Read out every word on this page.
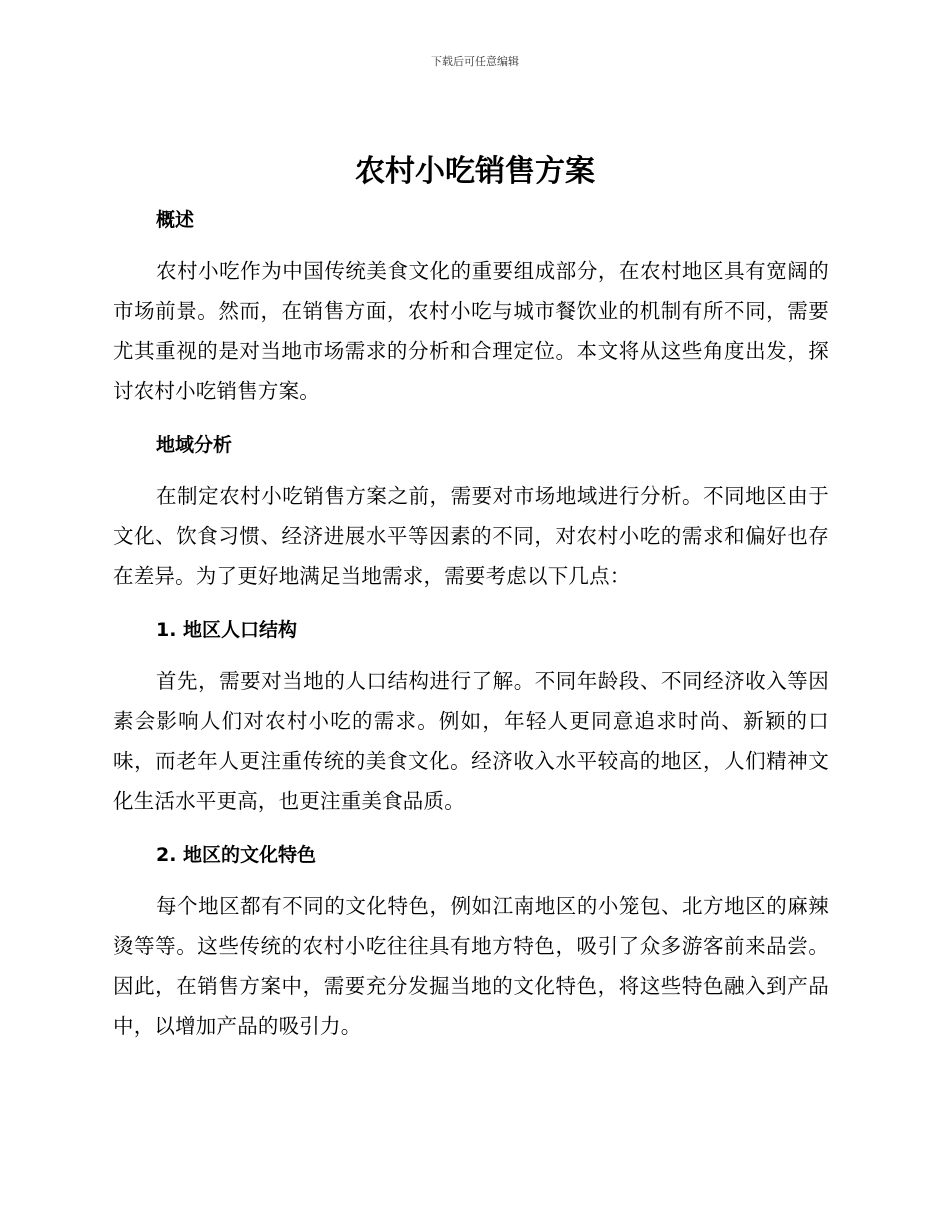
下载后可任意编辑
农村小吃销售方案
概述

农村小吃作为中国传统美食文化的重要组成部分，在农村地区具有宽阔的市场前景。然而，在销售方面，农村小吃与城市餐饮业的机制有所不同，需要尤其重视的是对当地市场需求的分析和合理定位。本文将从这些角度出发，探讨农村小吃销售方案。

地域分析

在制定农村小吃销售方案之前，需要对市场地域进行分析。不同地区由于文化、饮食习惯、经济进展水平等因素的不同，对农村小吃的需求和偏好也存在差异。为了更好地满足当地需求，需要考虑以下几点：

1. 地区人口结构

首先，需要对当地的人口结构进行了解。不同年龄段、不同经济收入等因素会影响人们对农村小吃的需求。例如，年轻人更同意追求时尚、新颖的口味，而老年人更注重传统的美食文化。经济收入水平较高的地区，人们精神文化生活水平更高，也更注重美食品质。

2. 地区的文化特色

每个地区都有不同的文化特色，例如江南地区的小笼包、北方地区的麻辣烫等等。这些传统的农村小吃往往具有地方特色，吸引了众多游客前来品尝。因此，在销售方案中，需要充分发掘当地的文化特色，将这些特色融入到产品中，以增加产品的吸引力。
